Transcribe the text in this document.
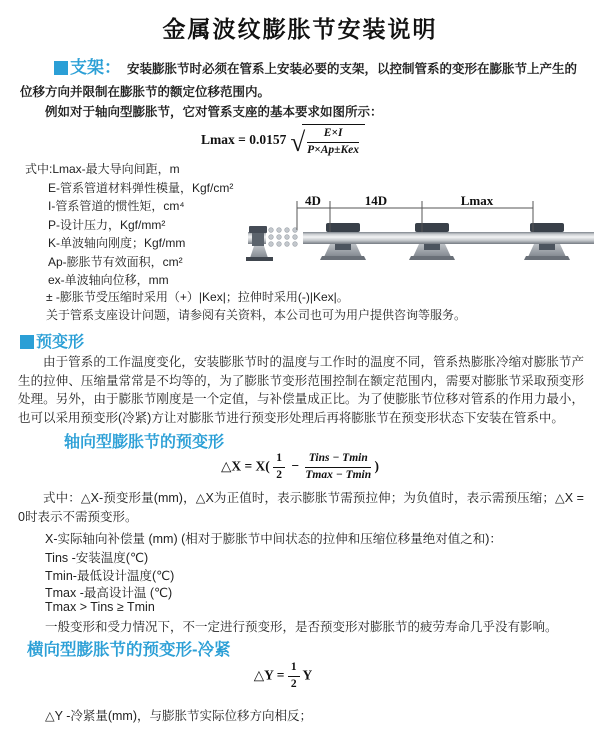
金属波纹膨胀节安装说明
支架： 安装膨胀节时必须在管系上安装必要的支架，以控制管系的变形在膨胀节上产生的位移方向并限制在膨胀节的额定位移范围内。
例如对于轴向型膨胀节，它对管系支座的基本要求如图所示：
Lmax = 0.0157 √ $\frac{E\times I}{\text{P×Ap±Kex}}$
式中:Lmax-最大导向间距，m
E-管系管道材料弹性模量，Kgf/cm²
I-管系管道的惯性矩，cm⁴
P-设计压力，Kgf/mm²
K-单波轴向刚度；Kgf/mm
Ap-膨胀节有效面积，cm²
ex-单波轴向位移，mm
± -膨胀节受压缩时采用（+）|Kex|；拉伸时采用(-)|Kex|。
关于管系支座设计问题，请参阅有关资料，本公司也可为用户提供咨询等服务。
4D	14D	Lmax
预变形
由于管系的工作温度变化，安装膨胀节时的温度与工作时的温度不同，管系热膨胀冷缩对膨胀节产生的拉伸、压缩量常常是不均等的，为了膨胀节变形范围控制在额定范围内，需要对膨胀节采取预变形处理。另外，由于膨胀节刚度是一个定值，与补偿量成正比。为了使膨胀节位移对管系的作用力最小，也可以采用预变形(冷紧)方让对膨胀节进行预变形处理后再将膨胀节在预变形状态下安装在管系中。
轴向型膨胀节的预变形
△X = $X( \frac{1}{2} - \frac{\text{Tins − Tmin}}{Tmax - Tmin}$ )
式中：△X-预变形量(mm)，△X为正值时，表示膨胀节需预拉伸；为负值时，表示需预压缩；△X = 0时表示不需预变形。
X-实际轴向补偿量 (mm) (相对于膨胀节中间状态的拉伸和压缩位移量绝对值之和)：
Tins -安装温度(℃)
Tmin-最低设计温度(℃)
Tmax -最高设计温 (℃)
Tmax > Tins ≥ Tmin
一般变形和受力情况下，不一定进行预变形，是否预变形对膨胀节的疲劳寿命几乎没有影响。
横向型膨胀节的预变形-冷紧
△Y = $\frac{1}{2}$ Y
△Y -冷紧量(mm)，与膨胀节实际位移方向相反；
